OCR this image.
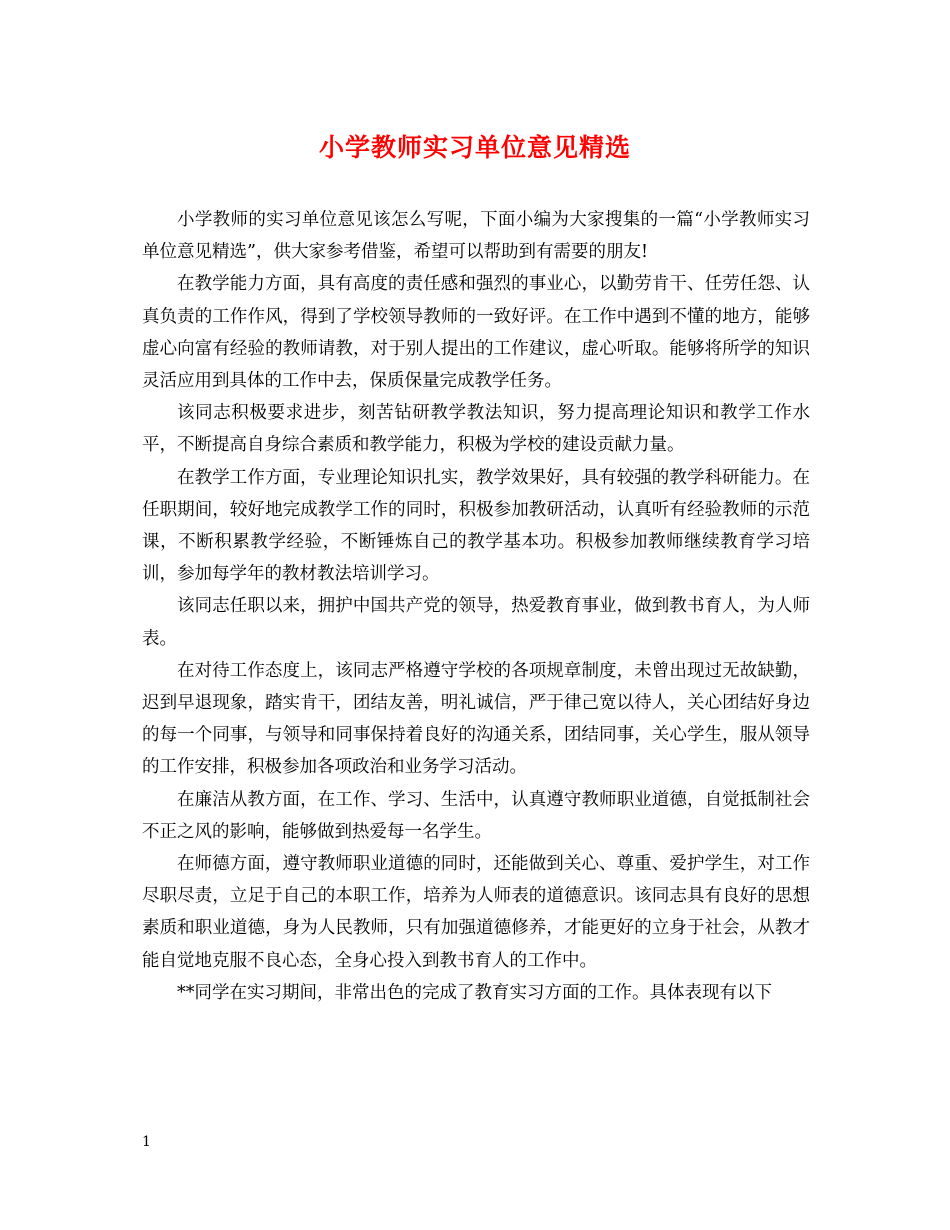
小学教师实习单位意见精选

小学教师的实习单位意见该怎么写呢，下面小编为大家搜集的一篇“小学教师实习单位意见精选”，供大家参考借鉴，希望可以帮助到有需要的朋友!

在教学能力方面，具有高度的责任感和强烈的事业心，以勤劳肯干、任劳任怨、认真负责的工作作风，得到了学校领导教师的一致好评。在工作中遇到不懂的地方，能够虚心向富有经验的教师请教，对于别人提出的工作建议，虚心听取。能够将所学的知识灵活应用到具体的工作中去，保质保量完成教学任务。

该同志积极要求进步，刻苦钻研教学教法知识，努力提高理论知识和教学工作水平，不断提高自身综合素质和教学能力，积极为学校的建设贡献力量。

在教学工作方面，专业理论知识扎实，教学效果好，具有较强的教学科研能力。在任职期间，较好地完成教学工作的同时，积极参加教研活动，认真听有经验教师的示范课，不断积累教学经验，不断锤炼自己的教学基本功。积极参加教师继续教育学习培训，参加每学年的教材教法培训学习。

该同志任职以来，拥护中国共产党的领导，热爱教育事业，做到教书育人，为人师表。

在对待工作态度上，该同志严格遵守学校的各项规章制度，未曾出现过无故缺勤，迟到早退现象，踏实肯干，团结友善，明礼诚信，严于律己宽以待人，关心团结好身边的每一个同事，与领导和同事保持着良好的沟通关系，团结同事，关心学生，服从领导的工作安排，积极参加各项政治和业务学习活动。

在廉洁从教方面，在工作、学习、生活中，认真遵守教师职业道德，自觉抵制社会不正之风的影响，能够做到热爱每一名学生。

在师德方面，遵守教师职业道德的同时，还能做到关心、尊重、爱护学生，对工作尽职尽责，立足于自己的本职工作，培养为人师表的道德意识。该同志具有良好的思想素质和职业道德，身为人民教师，只有加强道德修养，才能更好的立身于社会，从教才能自觉地克服不良心态，全身心投入到教书育人的工作中。

**同学在实习期间，非常出色的完成了教育实习方面的工作。具体表现有以下

1
